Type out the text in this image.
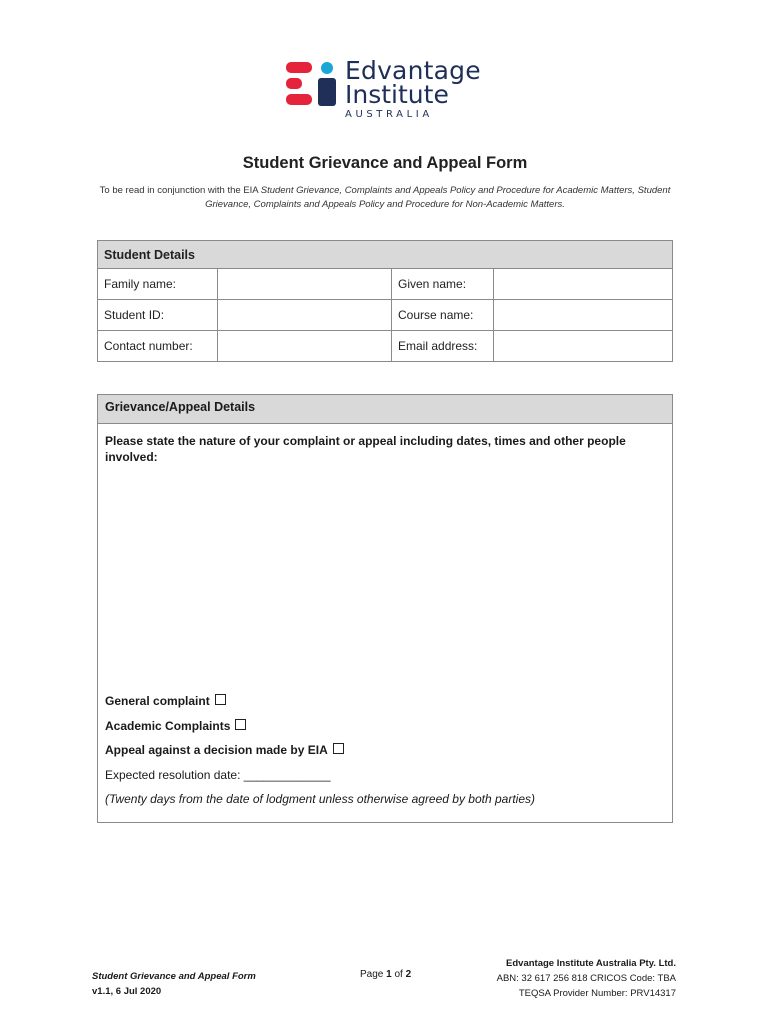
Edvantage
Institute
AUSTRALIA
Student Grievance and Appeal Form
To be read in conjunction with the EIA Student Grievance, Complaints and Appeals Policy and Procedure for Academic Matters, Student Grievance, Complaints and Appeals Policy and Procedure for Non-Academic Matters.
Student Details			
Family name:		Given name:	
Student ID:		Course name:	
Contact number:		Email address:	
Grievance/Appeal Details
Please state the nature of your complaint or appeal including dates, times and other people involved:
General complaint
Academic Complaints
Appeal against a decision made by EIA
Expected resolution date: _____________
(Twenty days from the date of lodgment unless otherwise agreed by both parties)
Student Grievance and Appeal Form
v1.1, 6 Jul 2020
Page 1 of 2
Edvantage Institute Australia Pty. Ltd.
ABN: 32 617 256 818 CRICOS Code: TBA
TEQSA Provider Number: PRV14317
